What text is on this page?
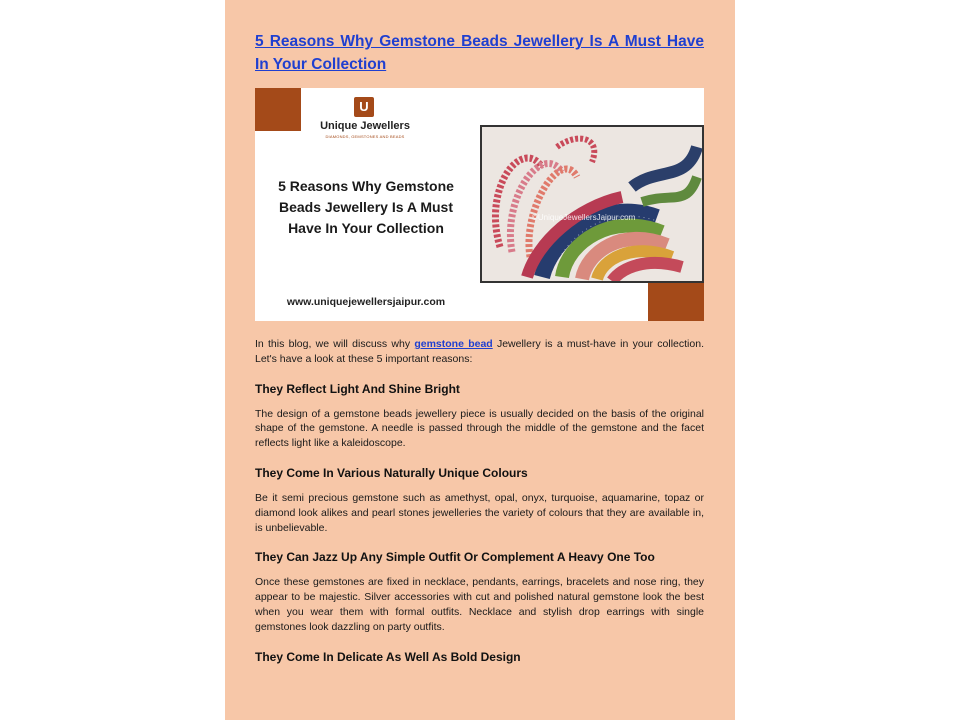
5 Reasons Why Gemstone Beads Jewellery Is A Must Have In Your Collection
U
Unique Jewellers
DIAMONDS, GEMSTONES AND BEADS
5 Reasons Why Gemstone Beads Jewellery Is A Must Have In Your Collection
www.uniquejewellersjaipur.com
©UniqueJewellersJaipur.com

In this blog, we will discuss why gemstone bead Jewellery is a must-have in your collection. Let's have a look at these 5 important reasons:

They Reflect Light And Shine Bright

The design of a gemstone beads jewellery piece is usually decided on the basis of the original shape of the gemstone. A needle is passed through the middle of the gemstone and the facet reflects light like a kaleidoscope.

They Come In Various Naturally Unique Colours

Be it semi precious gemstone such as amethyst, opal, onyx, turquoise, aquamarine, topaz or diamond look alikes and pearl stones jewelleries the variety of colours that they are available in, is unbelievable.

They Can Jazz Up Any Simple Outfit Or Complement A Heavy One Too

Once these gemstones are fixed in necklace, pendants, earrings, bracelets and nose ring, they appear to be majestic. Silver accessories with cut and polished natural gemstone look the best when you wear them with formal outfits. Necklace and stylish drop earrings with single gemstones look dazzling on party outfits.

They Come In Delicate As Well As Bold Design
